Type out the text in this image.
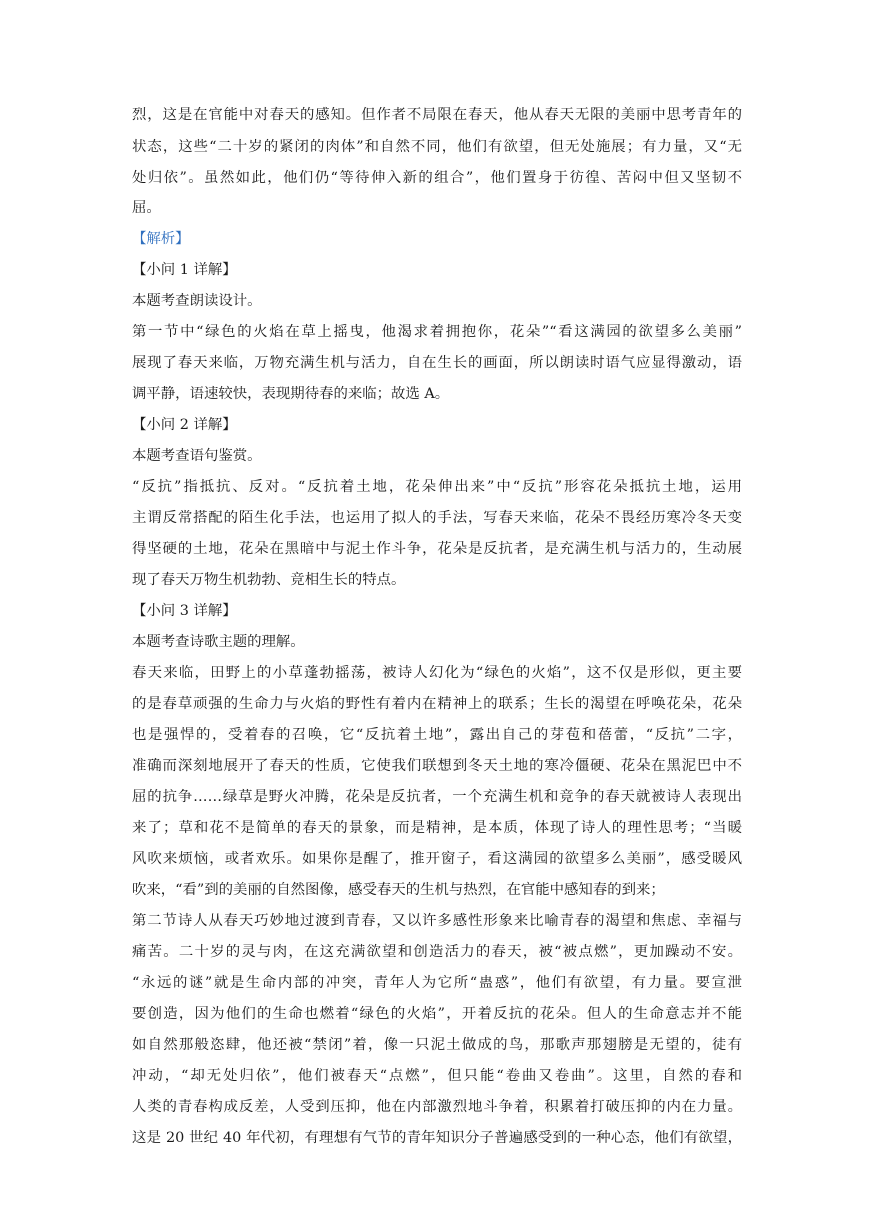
烈，这是在官能中对春天的感知。但作者不局限在春天，他从春天无限的美丽中思考青年的
状态，这些“二十岁的紧闭的肉体”和自然不同，他们有欲望，但无处施展；有力量，又“无
处归依”。虽然如此，他们仍“等待伸入新的组合”，他们置身于彷徨、苦闷中但又坚韧不
屈。
【解析】
【小问 1 详解】
本题考查朗读设计。
第一节中“绿色的火焰在草上摇曳，他渴求着拥抱你，花朵”“看这满园的欲望多么美丽”
展现了春天来临，万物充满生机与活力，自在生长的画面，所以朗读时语气应显得激动，语
调平静，语速较快，表现期待春的来临；故选 A。
【小问 2 详解】
本题考查语句鉴赏。
“反抗”指抵抗、反对。“反抗着土地，花朵伸出来”中“反抗”形容花朵抵抗土地，运用
主谓反常搭配的陌生化手法，也运用了拟人的手法，写春天来临，花朵不畏经历寒冷冬天变
得坚硬的土地，花朵在黑暗中与泥土作斗争，花朵是反抗者，是充满生机与活力的，生动展
现了春天万物生机勃勃、竞相生长的特点。
【小问 3 详解】
本题考查诗歌主题的理解。
春天来临，田野上的小草蓬勃摇荡，被诗人幻化为“绿色的火焰”，这不仅是形似，更主要
的是春草顽强的生命力与火焰的野性有着内在精神上的联系；生长的渴望在呼唤花朵，花朵
也是强悍的，受着春的召唤，它“反抗着土地”，露出自己的芽苞和蓓蕾，“反抗”二字，
准确而深刻地展开了春天的性质，它使我们联想到冬天土地的寒冷僵硬、花朵在黑泥巴中不
屈的抗争……绿草是野火冲腾，花朵是反抗者，一个充满生机和竞争的春天就被诗人表现出
来了；草和花不是简单的春天的景象，而是精神，是本质，体现了诗人的理性思考；“当暖
风吹来烦恼，或者欢乐。如果你是醒了，推开窗子，看这满园的欲望多么美丽”，感受暖风
吹来，“看”到的美丽的自然图像，感受春天的生机与热烈，在官能中感知春的到来；
第二节诗人从春天巧妙地过渡到青春，又以许多感性形象来比喻青春的渴望和焦虑、幸福与
痛苦。二十岁的灵与肉，在这充满欲望和创造活力的春天，被“被点燃”，更加躁动不安。
“永远的谜”就是生命内部的冲突，青年人为它所“蛊惑”，他们有欲望，有力量。要宣泄
要创造，因为他们的生命也燃着“绿色的火焰”，开着反抗的花朵。但人的生命意志并不能
如自然那般恣肆，他还被“禁闭”着，像一只泥土做成的鸟，那歌声那翅膀是无望的，徒有
冲动，“却无处归依”，他们被春天“点燃”，但只能“卷曲又卷曲”。这里，自然的春和
人类的青春构成反差，人受到压抑，他在内部激烈地斗争着，积累着打破压抑的内在力量。
这是 20 世纪 40 年代初，有理想有气节的青年知识分子普遍感受到的一种心态，他们有欲望，
